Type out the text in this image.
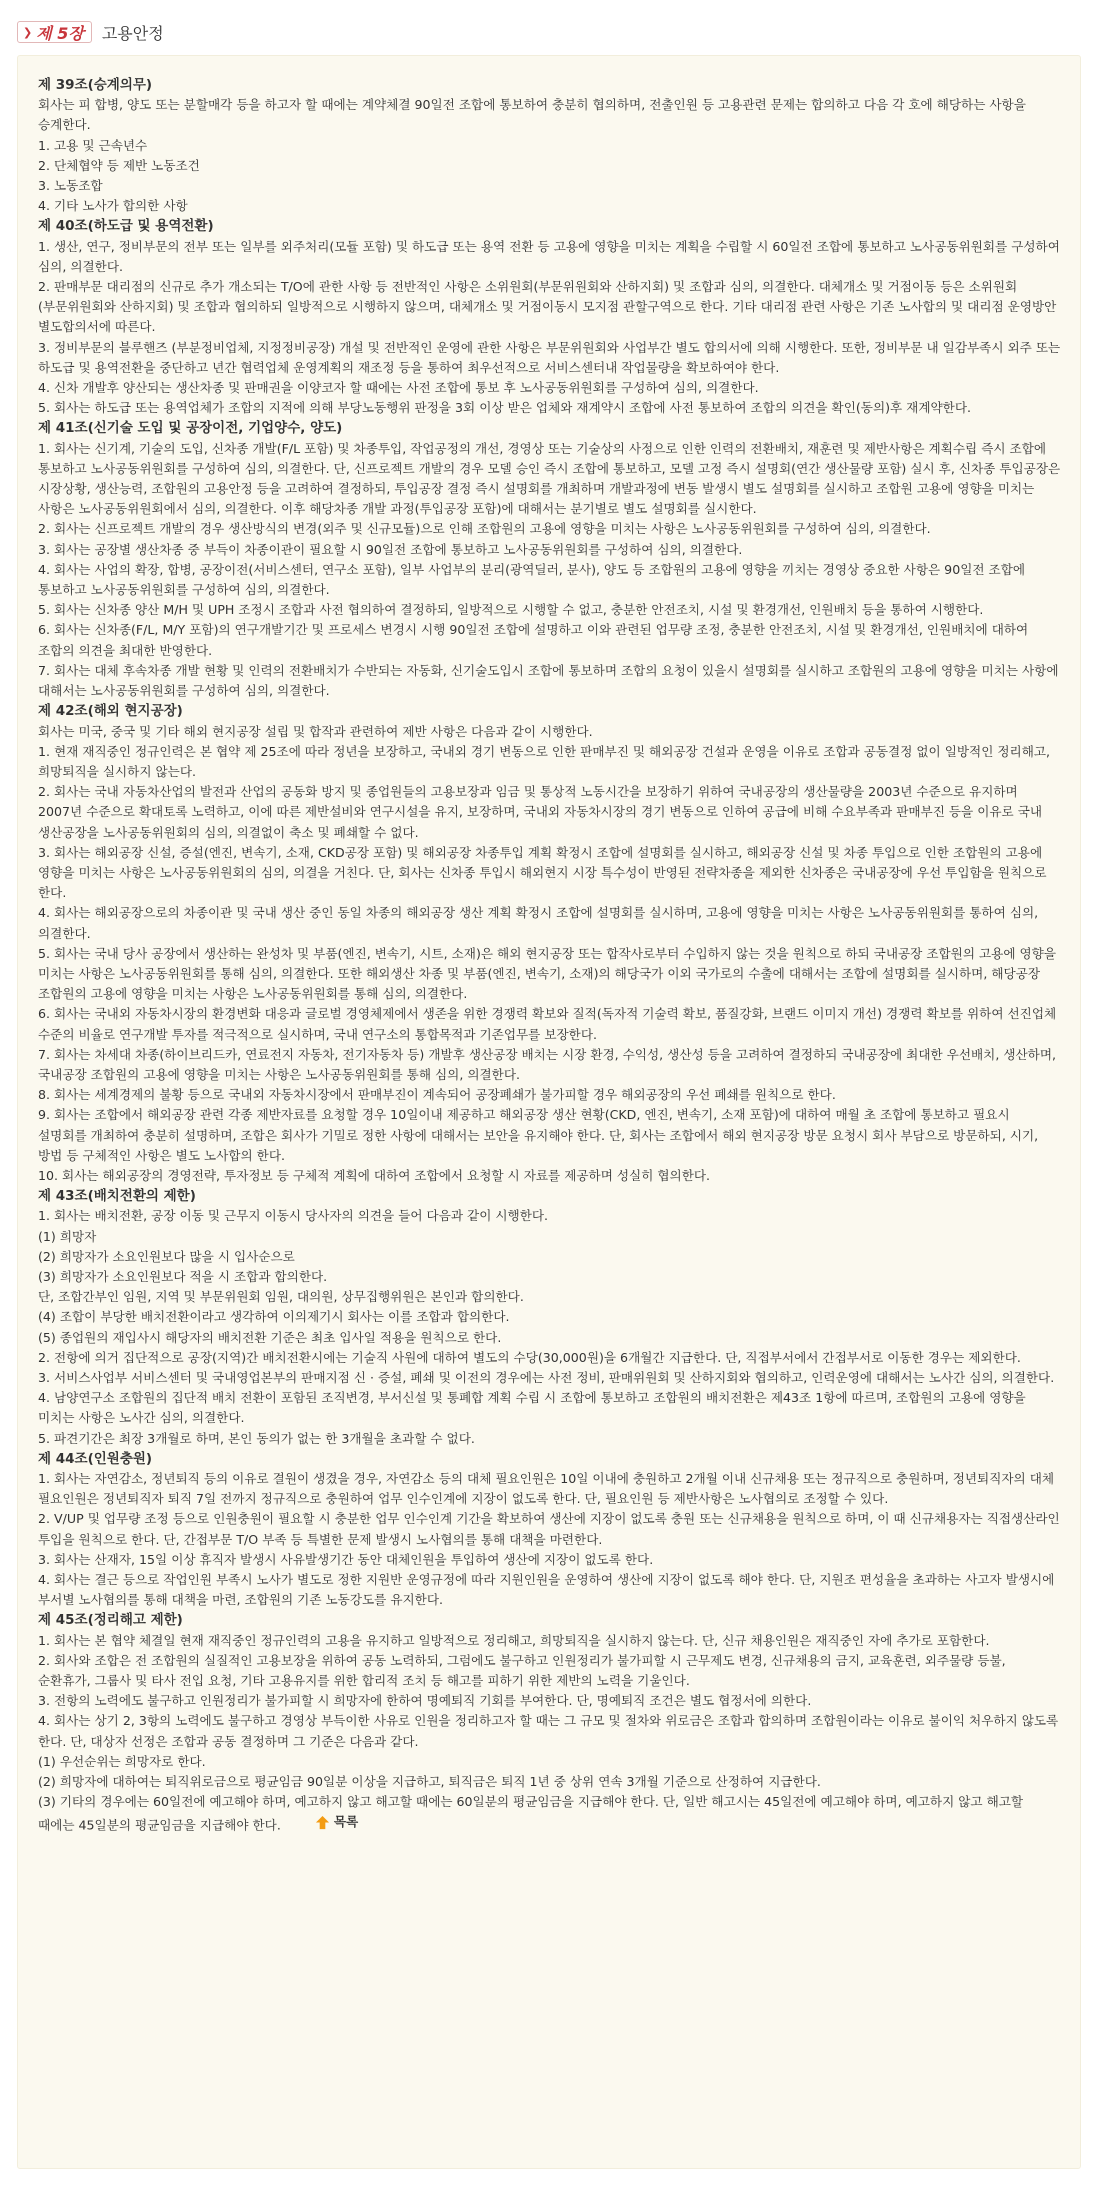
❯ 제 5장 고용안정
제 39조(승계의무)
회사는 피 합병, 양도 또는 분할매각 등을 하고자 할 때에는 계약체결 90일전 조합에 통보하여 충분히 협의하며, 전출인원 등 고용관련 문제는 합의하고 다음 각 호에 해당하는 사항을 승계한다.
1. 고용 및 근속년수
2. 단체협약 등 제반 노동조건
3. 노동조합
4. 기타 노사가 합의한 사항
제 40조(하도급 및 용역전환)
1. 생산, 연구, 정비부문의 전부 또는 일부를 외주처리(모듈 포함) 및 하도급 또는 용역 전환 등 고용에 영향을 미치는 계획을 수립할 시 60일전 조합에 통보하고 노사공동위원회를 구성하여 심의, 의결한다.
2. 판매부문 대리점의 신규로 추가 개소되는 T/O에 관한 사항 등 전반적인 사항은 소위원회(부문위원회와 산하지회) 및 조합과 심의, 의결한다. 대체개소 및 거점이동 등은 소위원회(부문위원회와 산하지회) 및 조합과 협의하되 일방적으로 시행하지 않으며, 대체개소 및 거점이동시 모지점 관할구역으로 한다. 기타 대리점 관련 사항은 기존 노사합의 및 대리점 운영방안 별도합의서에 따른다.
3. 정비부문의 블루핸즈 (부분정비업체, 지정정비공장) 개설 및 전반적인 운영에 관한 사항은 부문위원회와 사업부간 별도 합의서에 의해 시행한다. 또한, 정비부문 내 일감부족시 외주 또는 하도급 및 용역전환을 중단하고 년간 협력업체 운영계획의 재조정 등을 통하여 최우선적으로 서비스센터내 작업물량을 확보하여야 한다.
4. 신차 개발후 양산되는 생산차종 및 판매권을 이양코자 할 때에는 사전 조합에 통보 후 노사공동위원회를 구성하여 심의, 의결한다.
5. 회사는 하도급 또는 용역업체가 조합의 지적에 의해 부당노동행위 판정을 3회 이상 받은 업체와 재계약시 조합에 사전 통보하여 조합의 의견을 확인(동의)후 재계약한다.
제 41조(신기술 도입 및 공장이전, 기업양수, 양도)
1. 회사는 신기계, 기술의 도입, 신차종 개발(F/L 포함) 및 차종투입, 작업공정의 개선, 경영상 또는 기술상의 사정으로 인한 인력의 전환배치, 재훈련 및 제반사항은 계획수립 즉시 조합에 통보하고 노사공동위원회를 구성하여 심의, 의결한다. 단, 신프로젝트 개발의 경우 모델 승인 즉시 조합에 통보하고, 모델 고정 즉시 설명회(연간 생산물량 포함) 실시 후, 신차종 투입공장은 시장상황, 생산능력, 조합원의 고용안정 등을 고려하여 결정하되, 투입공장 결정 즉시 설명회를 개최하며 개발과정에 변동 발생시 별도 설명회를 실시하고 조합원 고용에 영향을 미치는 사항은 노사공동위원회에서 심의, 의결한다. 이후 해당차종 개발 과정(투입공장 포함)에 대해서는 분기별로 별도 설명회를 실시한다.
2. 회사는 신프로젝트 개발의 경우 생산방식의 변경(외주 및 신규모듈)으로 인해 조합원의 고용에 영향을 미치는 사항은 노사공동위원회를 구성하여 심의, 의결한다.
3. 회사는 공장별 생산차종 중 부득이 차종이관이 필요할 시 90일전 조합에 통보하고 노사공동위원회를 구성하여 심의, 의결한다.
4. 회사는 사업의 확장, 합병, 공장이전(서비스센터, 연구소 포함), 일부 사업부의 분리(광역딜러, 분사), 양도 등 조합원의 고용에 영향을 끼치는 경영상 중요한 사항은 90일전 조합에 통보하고 노사공동위원회를 구성하여 심의, 의결한다.
5. 회사는 신차종 양산 M/H 및 UPH 조정시 조합과 사전 협의하여 결정하되, 일방적으로 시행할 수 없고, 충분한 안전조치, 시설 및 환경개선, 인원배치 등을 통하여 시행한다.
6. 회사는 신차종(F/L, M/Y 포함)의 연구개발기간 및 프로세스 변경시 시행 90일전 조합에 설명하고 이와 관련된 업무량 조정, 충분한 안전조치, 시설 및 환경개선, 인원배치에 대하여 조합의 의견을 최대한 반영한다.
7. 회사는 대체 후속차종 개발 현황 및 인력의 전환배치가 수반되는 자동화, 신기술도입시 조합에 통보하며 조합의 요청이 있을시 설명회를 실시하고 조합원의 고용에 영향을 미치는 사항에 대해서는 노사공동위원회를 구성하여 심의, 의결한다.
제 42조(해외 현지공장)
회사는 미국, 중국 및 기타 해외 현지공장 설립 및 합작과 관련하여 제반 사항은 다음과 같이 시행한다.
1. 현재 재직중인 정규인력은 본 협약 제 25조에 따라 정년을 보장하고, 국내외 경기 변동으로 인한 판매부진 및 해외공장 건설과 운영을 이유로 조합과 공동결정 없이 일방적인 정리해고, 희망퇴직을 실시하지 않는다.
2. 회사는 국내 자동차산업의 발전과 산업의 공동화 방지 및 종업원들의 고용보장과 임금 및 통상적 노동시간을 보장하기 위하여 국내공장의 생산물량을 2003년 수준으로 유지하며 2007년 수준으로 확대토록 노력하고, 이에 따른 제반설비와 연구시설을 유지, 보장하며, 국내외 자동차시장의 경기 변동으로 인하여 공급에 비해 수요부족과 판매부진 등을 이유로 국내 생산공장을 노사공동위원회의 심의, 의결없이 축소 및 폐쇄할 수 없다.
3. 회사는 해외공장 신설, 증설(엔진, 변속기, 소재, CKD공장 포함) 및 해외공장 차종투입 계획 확정시 조합에 설명회를 실시하고, 해외공장 신설 및 차종 투입으로 인한 조합원의 고용에 영향을 미치는 사항은 노사공동위원회의 심의, 의결을 거친다. 단, 회사는 신차종 투입시 해외현지 시장 특수성이 반영된 전략차종을 제외한 신차종은 국내공장에 우선 투입함을 원칙으로 한다.
4. 회사는 해외공장으로의 차종이관 및 국내 생산 중인 동일 차종의 해외공장 생산 계획 확정시 조합에 설명회를 실시하며, 고용에 영향을 미치는 사항은 노사공동위원회를 통하여 심의, 의결한다.
5. 회사는 국내 당사 공장에서 생산하는 완성차 및 부품(엔진, 변속기, 시트, 소재)은 해외 현지공장 또는 합작사로부터 수입하지 않는 것을 원칙으로 하되 국내공장 조합원의 고용에 영향을 미치는 사항은 노사공동위원회를 통해 심의, 의결한다. 또한 해외생산 차종 및 부품(엔진, 변속기, 소재)의 해당국가 이외 국가로의 수출에 대해서는 조합에 설명회를 실시하며, 해당공장 조합원의 고용에 영향을 미치는 사항은 노사공동위원회를 통해 심의, 의결한다.
6. 회사는 국내외 자동차시장의 환경변화 대응과 글로벌 경영체제에서 생존을 위한 경쟁력 확보와 질적(독자적 기술력 확보, 품질강화, 브랜드 이미지 개선) 경쟁력 확보를 위하여 선진업체 수준의 비율로 연구개발 투자를 적극적으로 실시하며, 국내 연구소의 통합목적과 기존업무를 보장한다.
7. 회사는 차세대 차종(하이브리드카, 연료전지 자동차, 전기자동차 등) 개발후 생산공장 배치는 시장 환경, 수익성, 생산성 등을 고려하여 결정하되 국내공장에 최대한 우선배치, 생산하며, 국내공장 조합원의 고용에 영향을 미치는 사항은 노사공동위원회를 통해 심의, 의결한다.
8. 회사는 세계경제의 불황 등으로 국내외 자동차시장에서 판매부진이 계속되어 공장폐쇄가 불가피할 경우 해외공장의 우선 폐쇄를 원칙으로 한다.
9. 회사는 조합에서 해외공장 관련 각종 제반자료를 요청할 경우 10일이내 제공하고 해외공장 생산 현황(CKD, 엔진, 변속기, 소재 포함)에 대하여 매월 초 조합에 통보하고 필요시 설명회를 개최하여 충분히 설명하며, 조합은 회사가 기밀로 정한 사항에 대해서는 보안을 유지해야 한다. 단, 회사는 조합에서 해외 현지공장 방문 요청시 회사 부담으로 방문하되, 시기, 방법 등 구체적인 사항은 별도 노사합의 한다.
10. 회사는 해외공장의 경영전략, 투자정보 등 구체적 계획에 대하여 조합에서 요청할 시 자료를 제공하며 성실히 협의한다.
제 43조(배치전환의 제한)
1. 회사는 배치전환, 공장 이동 및 근무지 이동시 당사자의 의견을 들어 다음과 같이 시행한다.
(1) 희망자
(2) 희망자가 소요인원보다 많을 시 입사순으로
(3) 희망자가 소요인원보다 적을 시 조합과 합의한다.
단, 조합간부인 임원, 지역 및 부문위원회 임원, 대의원, 상무집행위원은 본인과 합의한다.
(4) 조합이 부당한 배치전환이라고 생각하여 이의제기시 회사는 이를 조합과 합의한다.
(5) 종업원의 재입사시 해당자의 배치전환 기준은 최초 입사일 적용을 원칙으로 한다.
2. 전항에 의거 집단적으로 공장(지역)간 배치전환시에는 기술직 사원에 대하여 별도의 수당(30,000원)을 6개월간 지급한다. 단, 직접부서에서 간접부서로 이동한 경우는 제외한다.
3. 서비스사업부 서비스센터 및 국내영업본부의 판매지점 신 · 증설, 폐쇄 및 이전의 경우에는 사전 정비, 판매위원회 및 산하지회와 협의하고, 인력운영에 대해서는 노사간 심의, 의결한다.
4. 남양연구소 조합원의 집단적 배치 전환이 포함된 조직변경, 부서신설 및 통폐합 계획 수립 시 조합에 통보하고 조합원의 배치전환은 제43조 1항에 따르며, 조합원의 고용에 영향을 미치는 사항은 노사간 심의, 의결한다.
5. 파견기간은 최장 3개월로 하며, 본인 동의가 없는 한 3개월을 초과할 수 없다.
제 44조(인원충원)
1. 회사는 자연감소, 정년퇴직 등의 이유로 결원이 생겼을 경우, 자연감소 등의 대체 필요인원은 10일 이내에 충원하고 2개월 이내 신규채용 또는 정규직으로 충원하며, 정년퇴직자의 대체 필요인원은 정년퇴직자 퇴직 7일 전까지 정규직으로 충원하여 업무 인수인계에 지장이 없도록 한다. 단, 필요인원 등 제반사항은 노사협의로 조정할 수 있다.
2. V/UP 및 업무량 조정 등으로 인원충원이 필요할 시 충분한 업무 인수인계 기간을 확보하여 생산에 지장이 없도록 충원 또는 신규채용을 원칙으로 하며, 이 때 신규채용자는 직접생산라인 투입을 원칙으로 한다. 단, 간접부문 T/O 부족 등 특별한 문제 발생시 노사협의를 통해 대책을 마련한다.
3. 회사는 산재자, 15일 이상 휴직자 발생시 사유발생기간 동안 대체인원을 투입하여 생산에 지장이 없도록 한다.
4. 회사는 결근 등으로 작업인원 부족시 노사가 별도로 정한 지원반 운영규정에 따라 지원인원을 운영하여 생산에 지장이 없도록 해야 한다. 단, 지원조 편성율을 초과하는 사고자 발생시에 부서별 노사협의를 통해 대책을 마련, 조합원의 기존 노동강도를 유지한다.
제 45조(정리해고 제한)
1. 회사는 본 협약 체결일 현재 재직중인 정규인력의 고용을 유지하고 일방적으로 정리해고, 희망퇴직을 실시하지 않는다. 단, 신규 채용인원은 재직중인 자에 추가로 포함한다.
2. 회사와 조합은 전 조합원의 실질적인 고용보장을 위하여 공동 노력하되, 그럼에도 불구하고 인원정리가 불가피할 시 근무제도 변경, 신규채용의 금지, 교육훈련, 외주물량 등불, 순환휴가, 그룹사 및 타사 전입 요청, 기타 고용유지를 위한 합리적 조치 등 해고를 피하기 위한 제반의 노력을 기울인다.
3. 전항의 노력에도 불구하고 인원정리가 불가피할 시 희망자에 한하여 명예퇴직 기회를 부여한다. 단, 명예퇴직 조건은 별도 협정서에 의한다.
4. 회사는 상기 2, 3항의 노력에도 불구하고 경영상 부득이한 사유로 인원을 정리하고자 할 때는 그 규모 및 절차와 위로금은 조합과 합의하며 조합원이라는 이유로 불이익 처우하지 않도록 한다. 단, 대상자 선정은 조합과 공동 결정하며 그 기준은 다음과 같다.
(1) 우선순위는 희망자로 한다.
(2) 희망자에 대하여는 퇴직위로금으로 평균임금 90일분 이상을 지급하고, 퇴직금은 퇴직 1년 중 상위 연속 3개월 기준으로 산정하여 지급한다.
(3) 기타의 경우에는 60일전에 예고해야 하며, 예고하지 않고 해고할 때에는 60일분의 평균임금을 지급해야 한다. 단, 일반 해고시는 45일전에 예고해야 하며, 예고하지 않고 해고할 때에는 45일분의 평균임금을 지급해야 한다.	목록
